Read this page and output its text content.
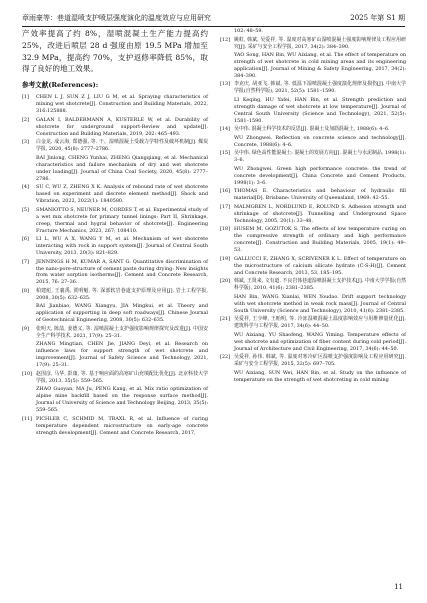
章雨豪等：巷道湿喷支护喷层强度演化的温度效应与应用研究	2025 年第 S1 期

产效率提高了约 8%，湿喷混凝土生产能力提高约 25%，改进后喷层 28 d 强度由原 19.5 MPa 增加至 32.9 MPa，提高约 70%，支护返修率降低 85%，取得了良好的地工效果。

参考文献(References):
[1]	CHEN L J, SUN Z J, LIU G M, et al. Spraying characteristics of mining wet shotcrete[J]. Construction and Building Materials, 2022, 316:125888.
[2]	GALAN I, BALDERMANN A, KUSTERLE W, et al. Durability of shotcrete for underground support-Review and update[J]. Construction and Building Materials, 2019, 202: 465–493.
[3]	白金龙, 成云海, 郑德强, 等. 干、湿喷混凝土受载力学特性及破坏机制[J]. 煤炭学报, 2020, 45(8): 2777–2786.
BAI Jinlong, CHENG Yunhai, ZHENG Qiangqiang, et al. Mechanical characteristics and failure mechanism of dry and wet shotcrete under loading[J]. Journal of China Coal Society, 2020, 45(8): 2777–2786.
[4]	SU C, WU Z, ZHENG X K. Analysis of rebound rate of wet shotcrete based on experiment and discrete element method[J]. Shock and Vibration, 2022, 2022(1): 1840580.
[5]	SMANIOTTO S, NEUNER M, CORDES T, et al. Experimental study of a wet mix shotcrete for primary tunnel linings: Part II, Shrinkage, creep, thermal and hygral behavior of shotcrete[J]. Engineering Fracture Mechanics, 2023, 267; 108410.
[6]	LI L, WU A X, WANG Y M, et al. Mechanism of wet shotcrete interacting with rock in support system[J]. Journal of Central South University, 2013, 20(3): 821–829.
[7]	JENNINGS H M, KUMAR A, SANT G. Quantitative discrimination of the nano-pore-structure of cement paste during drying: New insights from water sorption isotherms[J]. Cement and Concrete Research, 2015, 76: 27–36.
[8]	柏建彪, 王襄禹, 贾明魁, 等. 深部软岩巷道支护原理及应用[J]. 岩土工程学报, 2008, 30(5): 632–635.
BAI Jianbiao, WANG Xiangyu, JIA Mingkui, et al. Theory and application of supporting in deep soft roadways[J]. Chinese Journal of Geotechnical Engineering, 2008, 30(5): 632–635.
[9]	张明天, 陈喆, 姜德义, 等. 湿喷混凝土支护强度影响规律探究及改进[J]. 中国安全生产科学技术, 2021, 17(9): 25–31.
ZHANG Mingtian, CHEN Jie, JIANG Deyi, et al. Research on influence laws for support strength of wet shotcrete and improvement[J]. Journal of Safety Science and Technology, 2021, 17(9): 25–31.
[10] 赵围彦, 马华, 彭康, 等. 基于响应面的高寒矿山充填配比优化[J]. 北京科技大学学报, 2013, 35(5): 559–565.
ZHAO Guoyan, MA Ju, PENG Kang, et al. Mix ratio optimization of alpine mine backfill based on the response surface method[J]. Journal of University of Science and Technology Beijing, 2013, 35(5): 559–565.
[11] PICHLER C, SCHMID M, TRAXL R, et al. Influence of curing temperature dependent microstructure on early-age concrete strength development[J]. Cement and Concrete Research, 2017,
102: 48–59.
[12] 姚虹, 韩斌, 吴爱祥, 等. 温度对高寒矿山湿喷混凝土强度影响规律及工程应用研究[J]. 采矿与安全工程学报, 2017, 34(2): 384–390.
YAO Song, HAN Bin, WU Aixiang, et al. The effect of temperature on strength of wet shotcrete in cold mining areas and its engineering application[J]. Journal of Mining & Safety Engineering, 2017, 34(2): 384–390.
[13] 李克庆, 胡亚飞, 韩斌, 等. 低温下湿喷混凝土强度演化规律及损伤[J]. 中南大学学报(自然科学版), 2021, 52(5): 1581–1590.
LI Keqing, HU Yafei, HAN Bin, et al. Strength prediction and strength damage of wet shotcrete at low temperature[J]. Journal of Central South University (Science and Technology), 2021, 52(5): 1581–1590.
[14] 吴中伟. 混凝土科学技术的反思[J]. 混凝土及加筋混凝土, 1988(6): 4–6.
WU Zhongwei. Reflection on concrete science and technology[J]. Concrete, 1988(6): 4–6.
[15] 吴中伟. 绿色高性能混凝土: 混凝土的发展方向[J]. 混凝土与水泥制品, 1998(1): 3–6.
WU Zhongwei. Green high performance concrete: the trend of concrete development[J]. China Concrete and Cement Products, 1998(1): 3–6.
[16] THOMAS E. Characteristics and behaviour of hydraulic fill material[D]. Brisbane: University of Queensland, 1969: 42–55.
[17] MALMGREN L, NORDLUND E, ROLUND S. Adhesion strength and shrinkage of shotcrete[J]. Tunnelling and Underground Space Technology, 2005, 20(1): 33–48.
[18] HUSEM M, GOZUTOK S. The effects of low temperature curing on the compressive strength of ordinary and high performance concrete[J]. Construction and Building Materials, 2005, 19(1): 49–53.
[19] GALLUCCI E, ZHANG X, SCRIVENER K L. Effect of temperature on the microstructure of calcium silicate hydrate (C-S-H)[J]. Cement and Concrete Research, 2013, 53, 185–195.
[20] 韩斌, 王贤来, 文有道. 不良岩体巷道湿喷混凝土支护技术[J]. 中南大学学报(自然科学版), 2010, 41(6): 2381–2385.
HAN Bin, WANG Xianlai, WEN Youdao. Drift support technology with wet shotcrete method in weak rock mass[J]. Journal of Central South University (Science and Technology), 2010, 41(6): 2381–2385.
[21] 吴爱祥, 王少峰, 王贻明, 等. 冷冻湿喷混凝土温度影响效应与用维修量优化[J]. 建筑科学与工程学报, 2017, 34(6): 44–50.
WU Aixiang, YU Shaofeng, WANG Yiming. Temperature effects of wet shotcrete and optimization of fiber content during cold period[J]. Journal of Architecture and Civil Engineering, 2017, 34(6): 44–50.
[22] 吴爱祥, 孙伟, 韩斌, 等. 温度对寒冷矿区湿喷支护强度影响及工程应用研究[J]. 采矿与安全工程学报, 2015, 32(5): 697–705.
WU Aixiang, SUN Wei, HAN Bin, et al. Study on the influence of temperature on the strength of wet shotcreting in cold mining
11
